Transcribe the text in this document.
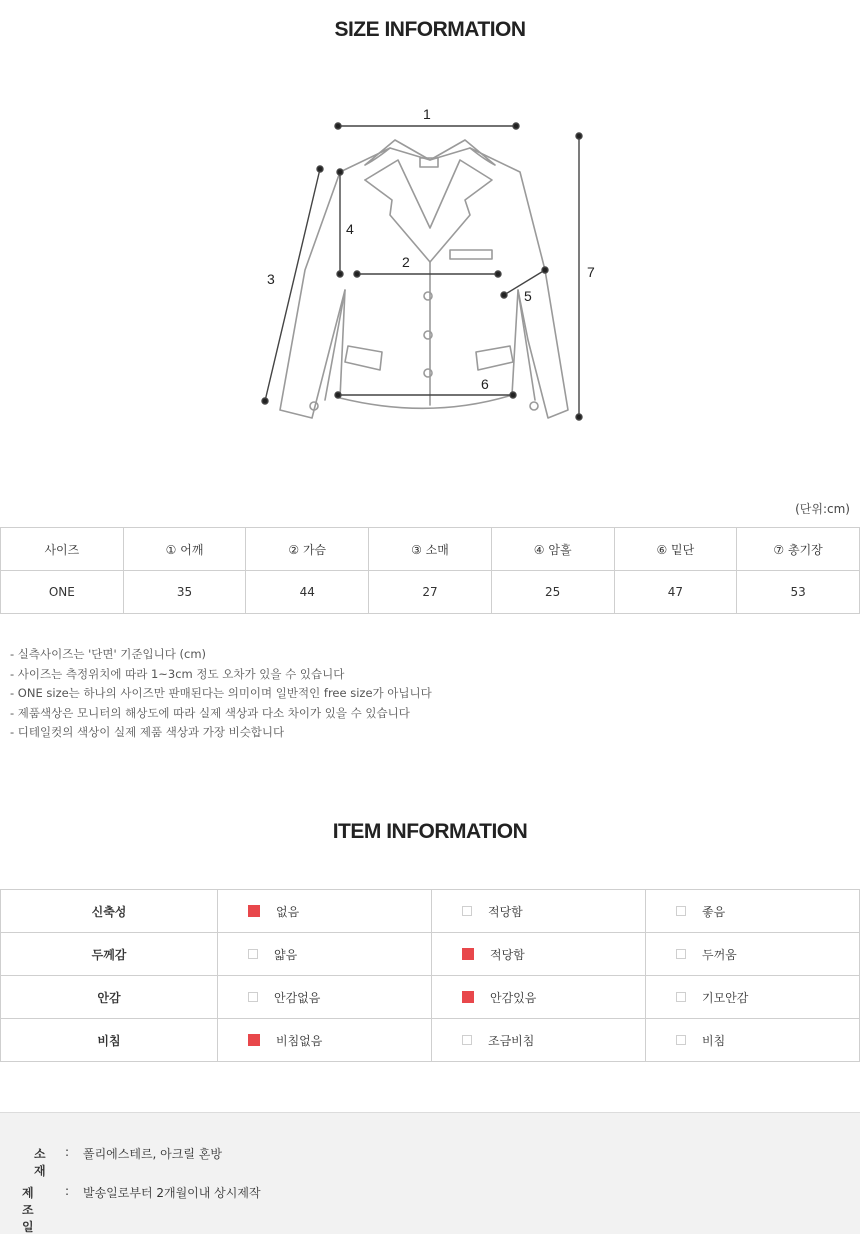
SIZE INFORMATION
1
2
3
4
5
6
7
(단위:cm)
사이즈	① 어깨	② 가슴	③ 소매	④ 암홀	⑥ 밑단	⑦ 총기장
ONE	35	44	27	25	47	53
- 실측사이즈는 '단면' 기준입니다 (cm)
- 사이즈는 측정위치에 따라 1~3cm 정도 오차가 있을 수 있습니다
- ONE size는 하나의 사이즈만 판매된다는 의미이며 일반적인 free size가 아닙니다
- 제품색상은 모니터의 해상도에 따라 실제 색상과 다소 차이가 있을 수 있습니다
- 디테일컷의 색상이 실제 제품 색상과 가장 비슷합니다
ITEM INFORMATION
신축성	없음	적당함	좋음
두께감	얇음	적당함	두꺼움
안감	안감없음	안감있음	기모안감
비침	비침없음	조금비침	비침
소재
: 폴리에스테르, 아크릴 혼방
제조일
: 발송일로부터 2개월이내 상시제작
